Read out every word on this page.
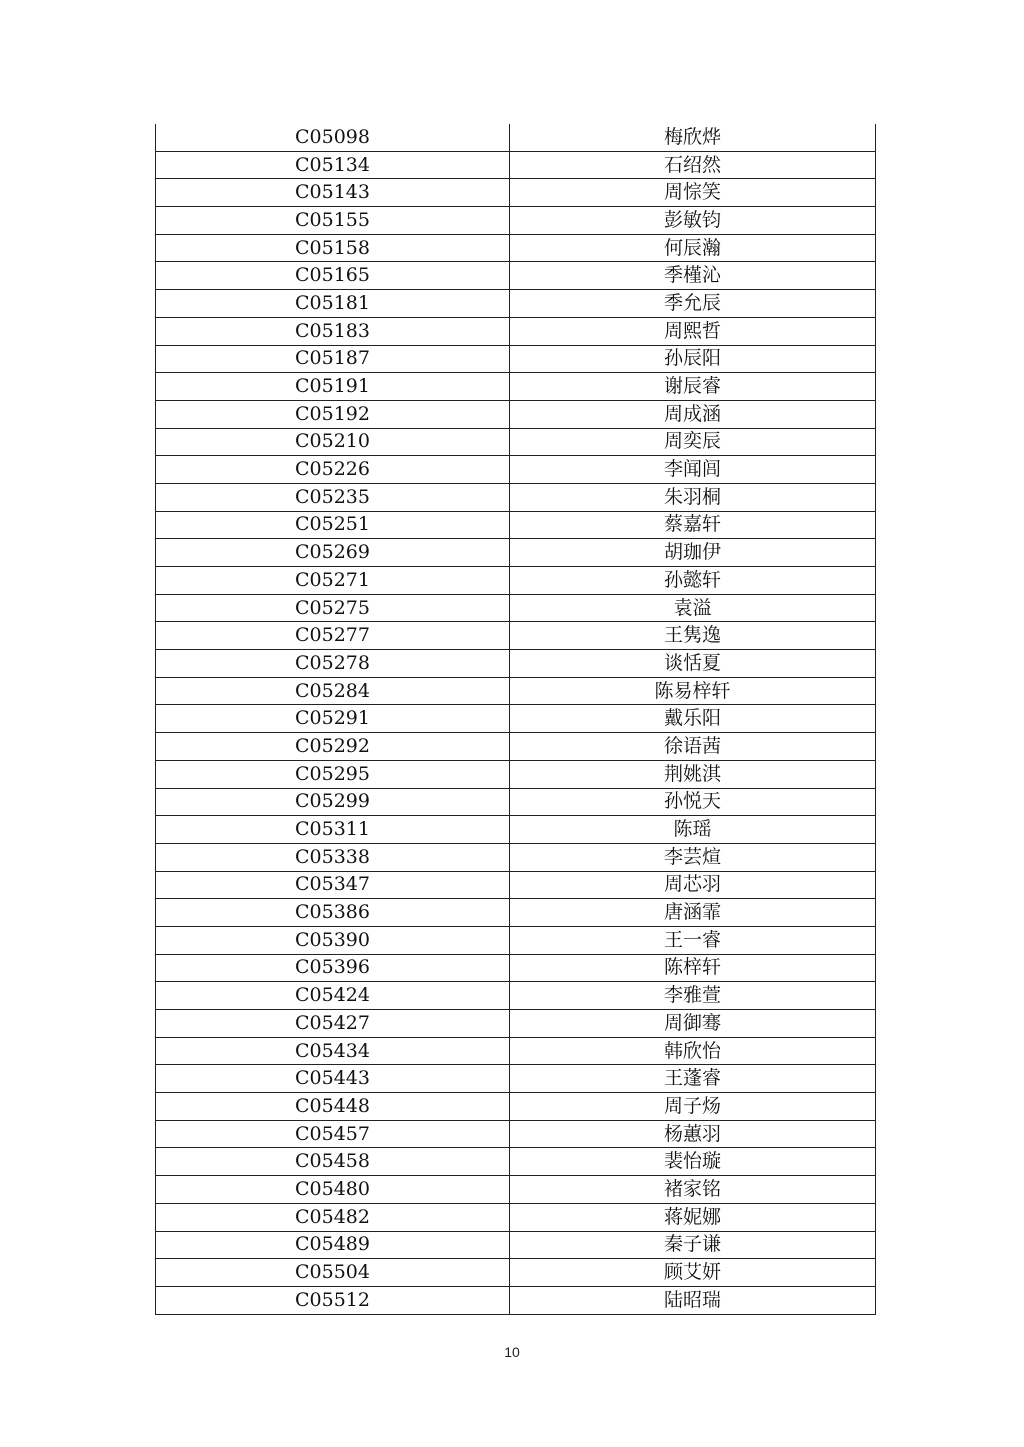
C05098	梅欣烨
C05134	石绍然
C05143	周悰笑
C05155	彭敏钧
C05158	何辰瀚
C05165	季槿沁
C05181	季允辰
C05183	周熙哲
C05187	孙辰阳
C05191	谢辰睿
C05192	周成涵
C05210	周奕辰
C05226	李闻闾
C05235	朱羽桐
C05251	蔡嘉轩
C05269	胡珈伊
C05271	孙懿轩
C05275	袁溢
C05277	王隽逸
C05278	谈恬夏
C05284	陈易梓轩
C05291	戴乐阳
C05292	徐语茜
C05295	荆姚淇
C05299	孙悦天
C05311	陈瑶
C05338	李芸煊
C05347	周芯羽
C05386	唐涵霏
C05390	王一睿
C05396	陈梓轩
C05424	李雅萱
C05427	周御骞
C05434	韩欣怡
C05443	王蓬睿
C05448	周子炀
C05457	杨蕙羽
C05458	裴怡璇
C05480	褚家铭
C05482	蒋妮娜
C05489	秦子谦
C05504	顾艾妍
C05512	陆昭瑞
10
